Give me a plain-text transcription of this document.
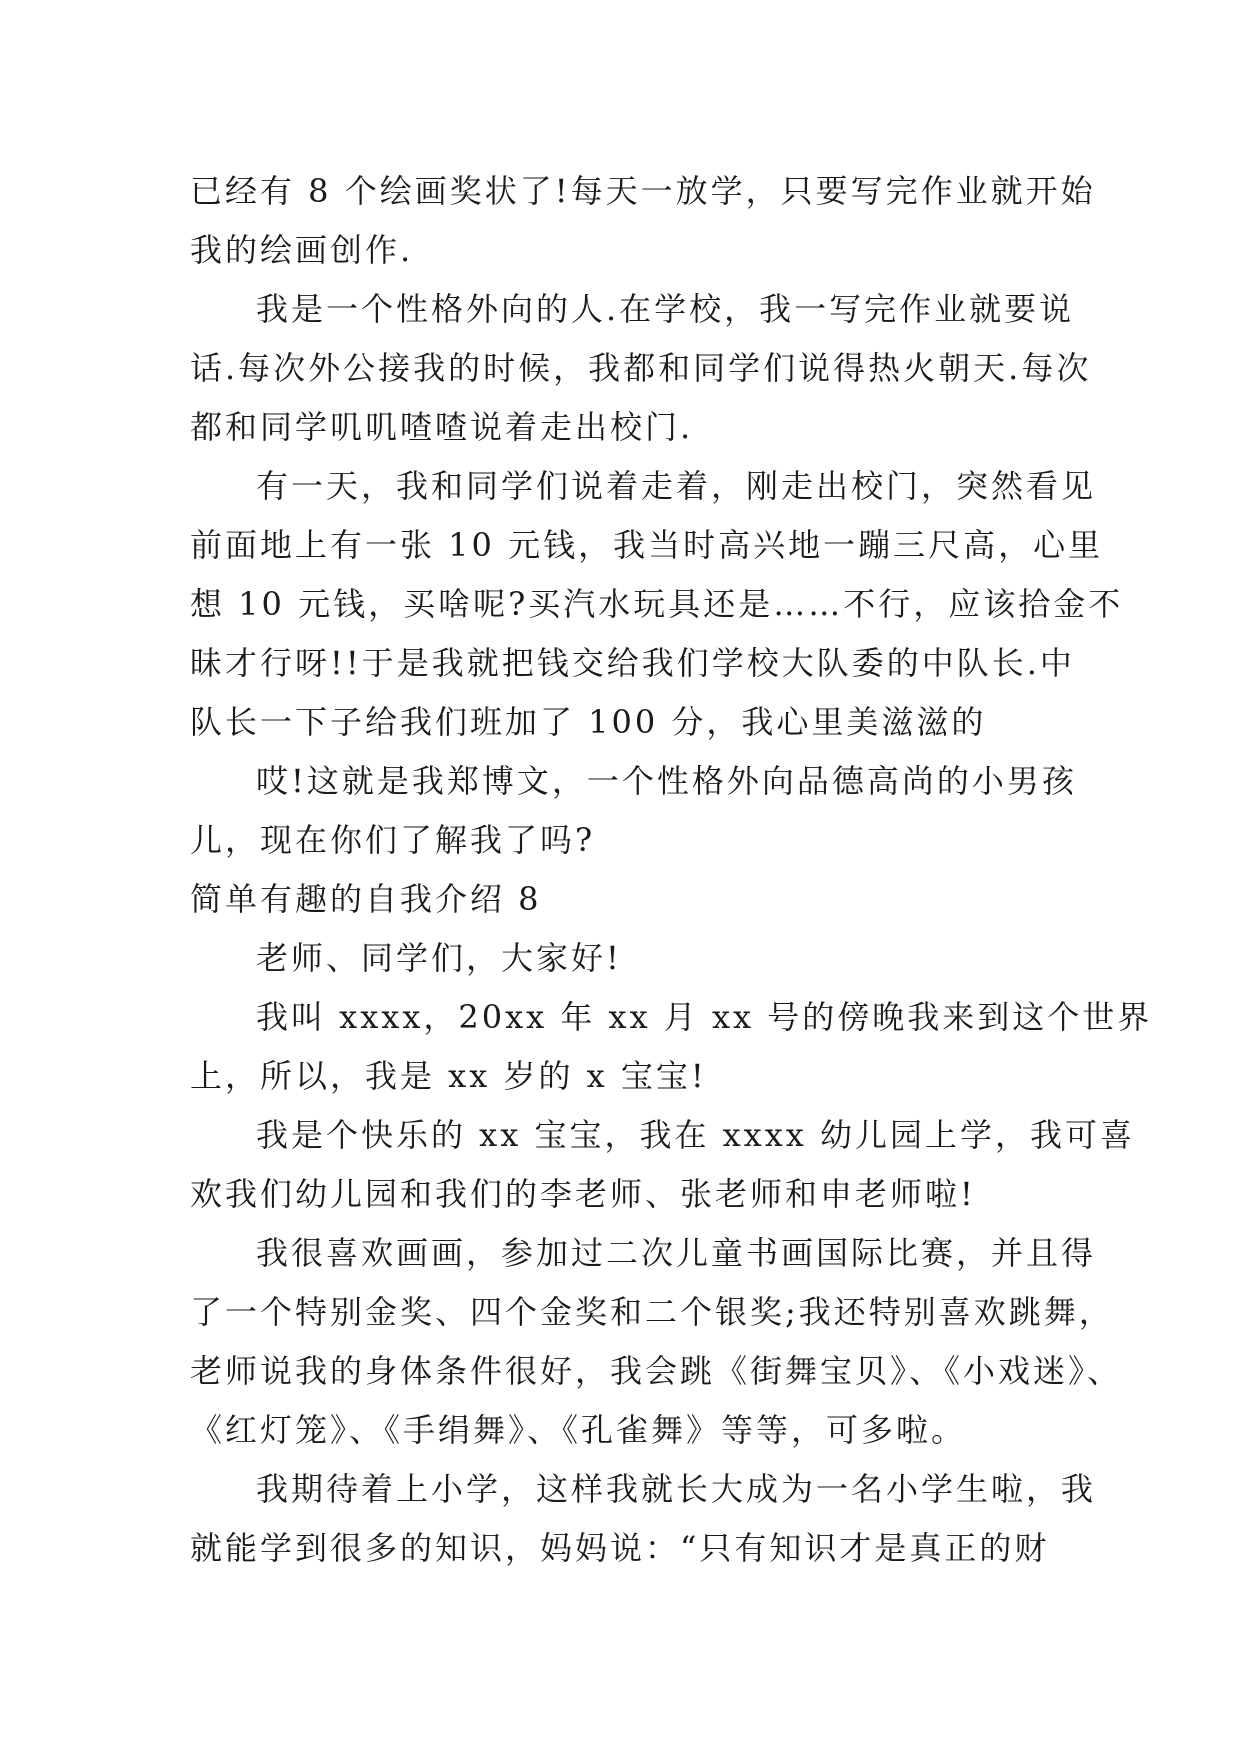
已经有 8 个绘画奖状了!每天一放学，只要写完作业就开始
我的绘画创作.
我是一个性格外向的人.在学校，我一写完作业就要说
话.每次外公接我的时候，我都和同学们说得热火朝天.每次
都和同学叽叽喳喳说着走出校门.
有一天，我和同学们说着走着，刚走出校门，突然看见
前面地上有一张 10 元钱，我当时高兴地一蹦三尺高，心里
想 10 元钱，买啥呢?买汽水玩具还是……不行，应该拾金不
昧才行呀!!于是我就把钱交给我们学校大队委的中队长.中
队长一下子给我们班加了 100 分，我心里美滋滋的
哎!这就是我郑博文，一个性格外向品德高尚的小男孩
儿，现在你们了解我了吗?
简单有趣的自我介绍 8
老师、同学们，大家好!
我叫 xxxx，20xx 年 xx 月 xx 号的傍晚我来到这个世界
上，所以，我是 xx 岁的 x 宝宝!
我是个快乐的 xx 宝宝，我在 xxxx 幼儿园上学，我可喜
欢我们幼儿园和我们的李老师、张老师和申老师啦!
我很喜欢画画，参加过二次儿童书画国际比赛，并且得
了一个特别金奖、四个金奖和二个银奖;我还特别喜欢跳舞，
老师说我的身体条件很好，我会跳《街舞宝贝》、《小戏迷》、
《红灯笼》、《手绢舞》、《孔雀舞》等等，可多啦。
我期待着上小学，这样我就长大成为一名小学生啦，我
就能学到很多的知识，妈妈说：“只有知识才是真正的财
